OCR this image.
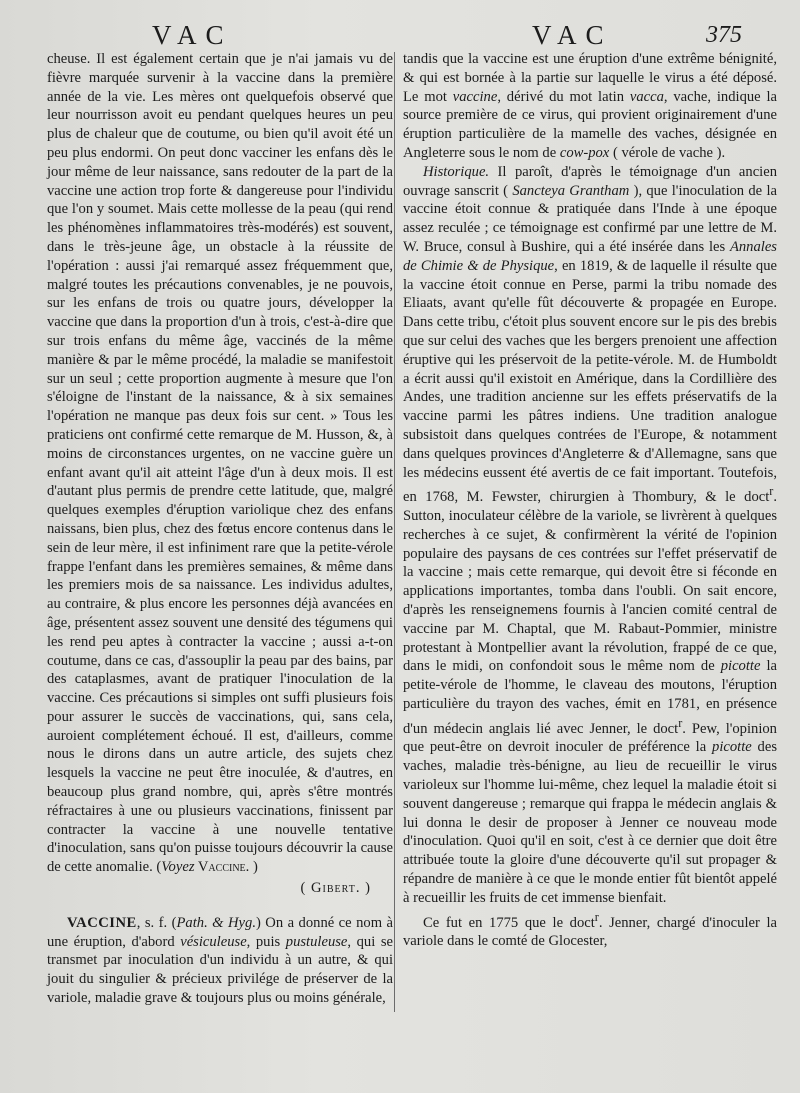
VAC	VAC	375

cheuse. Il est également certain que je n'ai jamais vu de fièvre marquée survenir à la vaccine dans la première année de la vie. Les mères ont quelquefois observé que leur nourrisson avoit eu pendant quelques heures un peu plus de chaleur que de coutume, ou bien qu'il avoit été un peu plus endormi. On peut donc vacciner les enfans dès le jour même de leur naissance, sans redouter de la part de la vaccine une action trop forte & dangereuse pour l'individu que l'on y soumet. Mais cette mollesse de la peau (qui rend les phénomènes inflammatoires très-modérés) est souvent, dans le très-jeune âge, un obstacle à la réussite de l'opération : aussi j'ai remarqué assez fréquemment que, malgré toutes les précautions convenables, je ne pouvois, sur les enfans de trois ou quatre jours, développer la vaccine que dans la proportion d'un à trois, c'est-à-dire que sur trois enfans du même âge, vaccinés de la même manière & par le même procédé, la maladie se manifestoit sur un seul ; cette proportion augmente à mesure que l'on s'éloigne de l'instant de la naissance, & à six semaines l'opération ne manque pas deux fois sur cent. » Tous les praticiens ont confirmé cette remarque de M. Husson, &, à moins de circonstances urgentes, on ne vaccine guère un enfant avant qu'il ait atteint l'âge d'un à deux mois. Il est d'autant plus permis de prendre cette latitude, que, malgré quelques exemples d'éruption variolique chez des enfans naissans, bien plus, chez des fœtus encore contenus dans le sein de leur mère, il est infiniment rare que la petite-vérole frappe l'enfant dans les premières semaines, & même dans les premiers mois de sa naissance. Les individus adultes, au contraire, & plus encore les personnes déjà avancées en âge, présentent assez souvent une densité des tégumens qui les rend peu aptes à contracter la vaccine ; aussi a-t-on coutume, dans ce cas, d'assouplir la peau par des bains, par des cataplasmes, avant de pratiquer l'inoculation de la vaccine. Ces précautions si simples ont suffi plusieurs fois pour assurer le succès de vaccinations, qui, sans cela, auroient complétement échoué. Il est, d'ailleurs, comme nous le dirons dans un autre article, des sujets chez lesquels la vaccine ne peut être inoculée, & d'autres, en beaucoup plus grand nombre, qui, après s'être montrés réfractaires à une ou plusieurs vaccinations, finissent par contracter la vaccine à une nouvelle tentative d'inoculation, sans qu'on puisse toujours découvrir la cause de cette anomalie. (Voyez Vaccine. )

( Gibert. )

VACCINE, s. f. (Path. & Hyg.) On a donné ce nom à une éruption, d'abord vésiculeuse, puis pustuleuse, qui se transmet par inoculation d'un individu à un autre, & qui jouit du singulier & précieux privilége de préserver de la variole, maladie grave & toujours plus ou moins générale,

tandis que la vaccine est une éruption d'une extrême bénignité, & qui est bornée à la partie sur laquelle le virus a été déposé. Le mot vaccine, dérivé du mot latin vacca, vache, indique la source première de ce virus, qui provient originairement d'une éruption particulière de la mamelle des vaches, désignée en Angleterre sous le nom de cow-pox ( vérole de vache ).

Historique. Il paroît, d'après le témoignage d'un ancien ouvrage sanscrit ( Sancteya Grantham ), que l'inoculation de la vaccine étoit connue & pratiquée dans l'Inde à une époque assez reculée ; ce témoignage est confirmé par une lettre de M. W. Bruce, consul à Bushire, qui a été insérée dans les Annales de Chimie & de Physique, en 1819, & de laquelle il résulte que la vaccine étoit connue en Perse, parmi la tribu nomade des Eliaats, avant qu'elle fût découverte & propagée en Europe. Dans cette tribu, c'étoit plus souvent encore sur le pis des brebis que sur celui des vaches que les bergers prenoient une affection éruptive qui les préservoit de la petite-vérole. M. de Humboldt a écrit aussi qu'il existoit en Amérique, dans la Cordillière des Andes, une tradition ancienne sur les effets préservatifs de la vaccine parmi les pâtres indiens. Une tradition analogue subsistoit dans quelques contrées de l'Europe, & notamment dans quelques provinces d'Angleterre & d'Allemagne, sans que les médecins eussent été avertis de ce fait important. Toutefois, en 1768, M. Fewster, chirurgien à Thombury, & le doct$^r$. Sutton, inoculateur célèbre de la variole, se livrèrent à quelques recherches à ce sujet, & confirmèrent la vérité de l'opinion populaire des paysans de ces contrées sur l'effet préservatif de la vaccine ; mais cette remarque, qui devoit être si féconde en applications importantes, tomba dans l'oubli. On sait encore, d'après les renseignemens fournis à l'ancien comité central de vaccine par M. Chaptal, que M. Rabaut-Pommier, ministre protestant à Montpellier avant la révolution, frappé de ce que, dans le midi, on confondoit sous le même nom de picotte la petite-vérole de l'homme, le claveau des moutons, l'éruption particulière du trayon des vaches, émit en 1781, en présence d'un médecin anglais lié avec Jenner, le doct$^r$. Pew, l'opinion que peut-être on devroit inoculer de préférence la picotte des vaches, maladie très-bénigne, au lieu de recueillir le virus varioleux sur l'homme lui-même, chez lequel la maladie étoit si souvent dangereuse ; remarque qui frappa le médecin anglais & lui donna le desir de proposer à Jenner ce nouveau mode d'inoculation. Quoi qu'il en soit, c'est à ce dernier que doit être attribuée toute la gloire d'une découverte qu'il sut propager & répandre de manière à ce que le monde entier fût bientôt appelé à recueillir les fruits de cet immense bienfait.

Ce fut en 1775 que le doct$^r$. Jenner, chargé d'inoculer la variole dans le comté de Glocester,
